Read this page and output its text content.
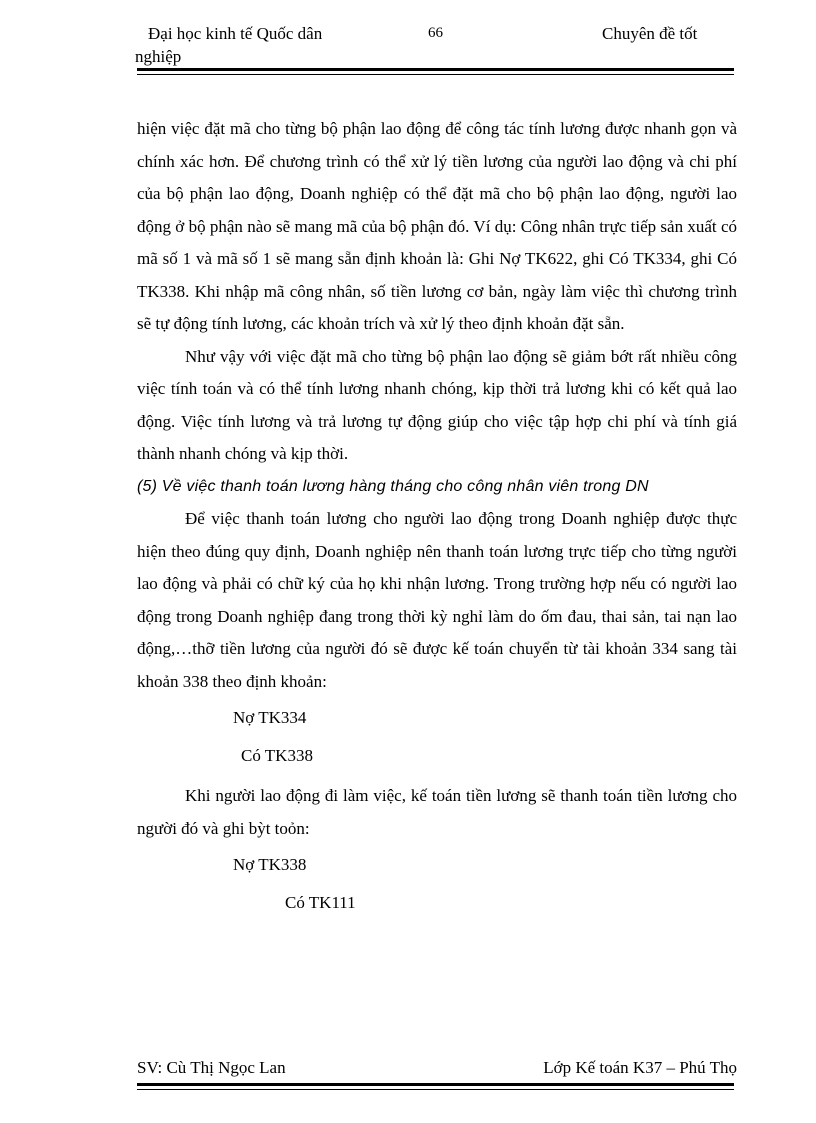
Đại học kinh tế Quốc dân
nghiệp
66	Chuyên đề tốt

hiện việc đặt mã cho từng bộ phận lao động để công tác tính lương được nhanh gọn và chính xác hơn. Để chương trình có thể xử lý tiền lương của người lao động và chi phí của bộ phận lao động, Doanh nghiệp có thể đặt mã cho bộ phận lao động, người lao động ở bộ phận nào sẽ mang mã của bộ phận đó. Ví dụ: Công nhân trực tiếp sản xuất có mã số 1 và mã số 1 sẽ mang sẵn định khoản là: Ghi Nợ TK622, ghi Có TK334, ghi Có TK338. Khi nhập mã công nhân, số tiền lương cơ bản, ngày làm việc thì chương trình sẽ tự động tính lương, các khoản trích và xử lý theo định khoản đặt sẵn.

Như vậy với việc đặt mã cho từng bộ phận lao động sẽ giảm bớt rất nhiều công việc tính toán và có thể tính lương nhanh chóng, kịp thời trả lương khi có kết quả lao động. Việc tính lương và trả lương tự động giúp cho việc tập hợp chi phí và tính giá thành nhanh chóng và kịp thời.

(5) Về việc thanh toán lương hàng tháng cho công nhân viên trong DN

Để việc thanh toán lương cho người lao động trong Doanh nghiệp được thực hiện theo đúng quy định, Doanh nghiệp nên thanh toán lương trực tiếp cho từng người lao động và phải có chữ ký của họ khi nhận lương. Trong trường hợp nếu có người lao động trong Doanh nghiệp đang trong thời kỳ nghỉ làm do ốm đau, thai sản, tai nạn lao động,…thỡ tiền lương của người đó sẽ được kế toán chuyển từ tài khoản 334 sang tài khoản 338 theo định khoản:

Nợ TK334

Có TK338

Khi người lao động đi làm việc, kế toán tiền lương sẽ thanh toán tiền lương cho người đó và ghi bỳt toỏn:

Nợ TK338

Có TK111

SV: Cù Thị Ngọc Lan	Lớp Kế toán K37 – Phú Thọ
